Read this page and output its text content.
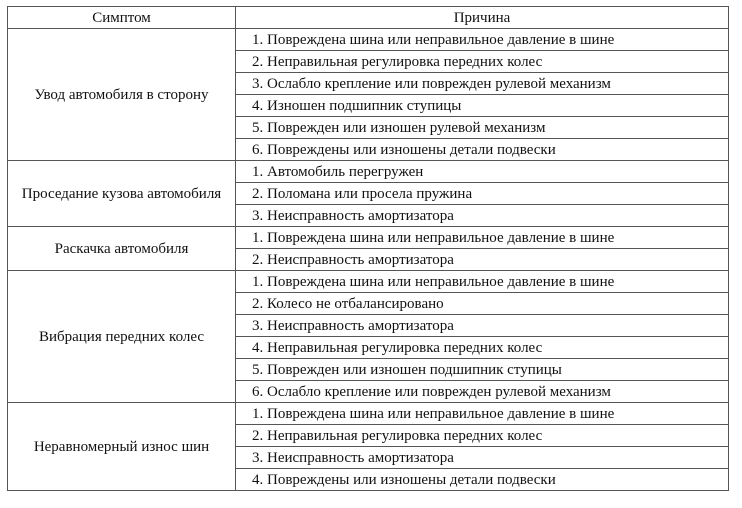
Симптом	Причина
Увод автомобиля в сторону	1. Повреждена шина или неправильное давление в шине
	2. Неправильная регулировка передних колес
	3. Ослабло крепление или поврежден рулевой механизм
	4. Изношен подшипник ступицы
	5. Поврежден или изношен рулевой механизм
	6. Повреждены или изношены детали подвески
Проседание кузова автомобиля	1. Автомобиль перегружен
	2. Поломана или просела пружина
	3. Неисправность амортизатора
Раскачка автомобиля	1. Повреждена шина или неправильное давление в шине
	2. Неисправность амортизатора
Вибрация передних колес	1. Повреждена шина или неправильное давление в шине
	2. Колесо не отбалансировано
	3. Неисправность амортизатора
	4. Неправильная регулировка передних колес
	5. Поврежден или изношен подшипник ступицы
	6. Ослабло крепление или поврежден рулевой механизм
Неравномерный износ шин	1. Повреждена шина или неправильное давление в шине
	2. Неправильная регулировка передних колес
	3. Неисправность амортизатора
	4. Повреждены или изношены детали подвески
